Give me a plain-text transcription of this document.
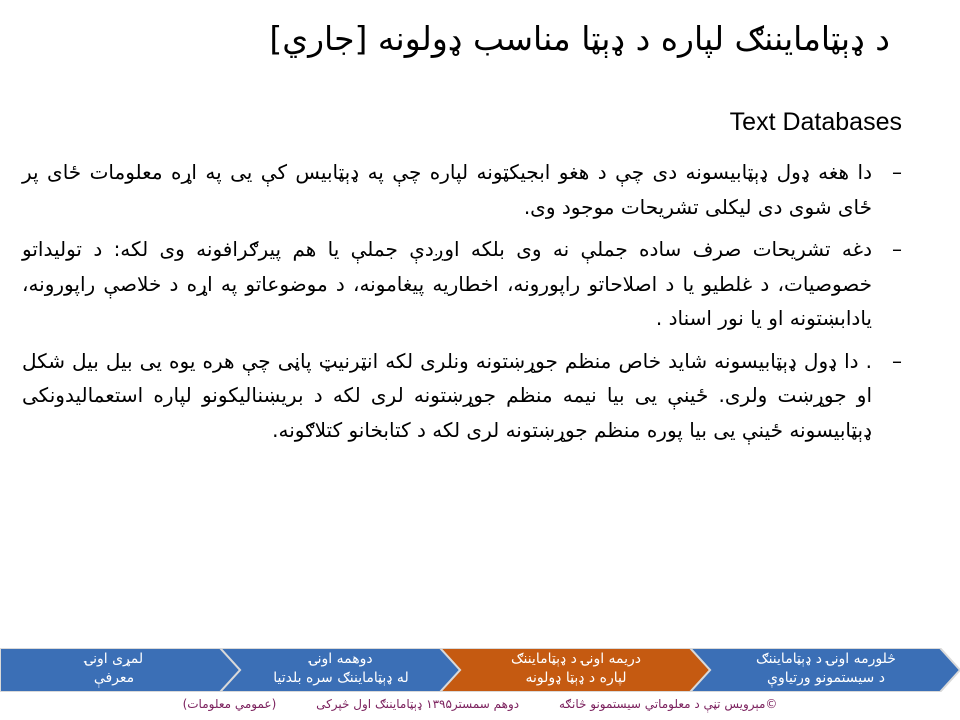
د ډېټامايننګ لپاره د ډېټا مناسب ډولونه [جاري]
Text Databases
–
دا هغه ډول ډېټابيسونه دی چې د هغو ابجيکټونه لپاره چې په ډېټابيس کې يی په اړه معلومات ځای پر ځای شوی دی ليکلی تشريحات موجود وی.
–
دغه تشريحات صرف ساده جملې نه وی بلکه اوږدې جملې يا هم پيرګرافونه وی لکه: د توليداتو خصوصيات، د غلطيو يا د اصلاحاتو راپورونه، اخطاريه پيغامونه، د موضوعاتو په اړه د خلاصې راپورونه، يادابښتونه او يا نور اسناد .
–
. دا ډول ډېټابيسونه شايد خاص منظم جوړښتونه ونلری لکه انټرنيټ پاڼی چې هره يوه يی بيل بيل شکل او جوړښت ولری. ځينې يی بيا نيمه منظم جوړښتونه لری لکه د بريښناليکونو لپاره استعماليدونکی ډېټابيسونه ځينې يی بيا پوره منظم جوړښتونه لری لکه د کتابخانو کتلاګونه.
څلورمه اونۍ د ډېټامايننګ
د سيستمونو ورتياوې
دريمه اونۍ د ډېټامايننګ
لپاره د ډېټا ډولونه
دوهمه اونۍ
له ډېټامايننګ سره بلدتيا
لمړی اونۍ
معرفې
©مېرويس تڼې د معلوماتي سيستمونو څانګه دوهم سمستر۱۳۹۵ ډېټامايننګ اول څپرکی (عمومي معلومات)
